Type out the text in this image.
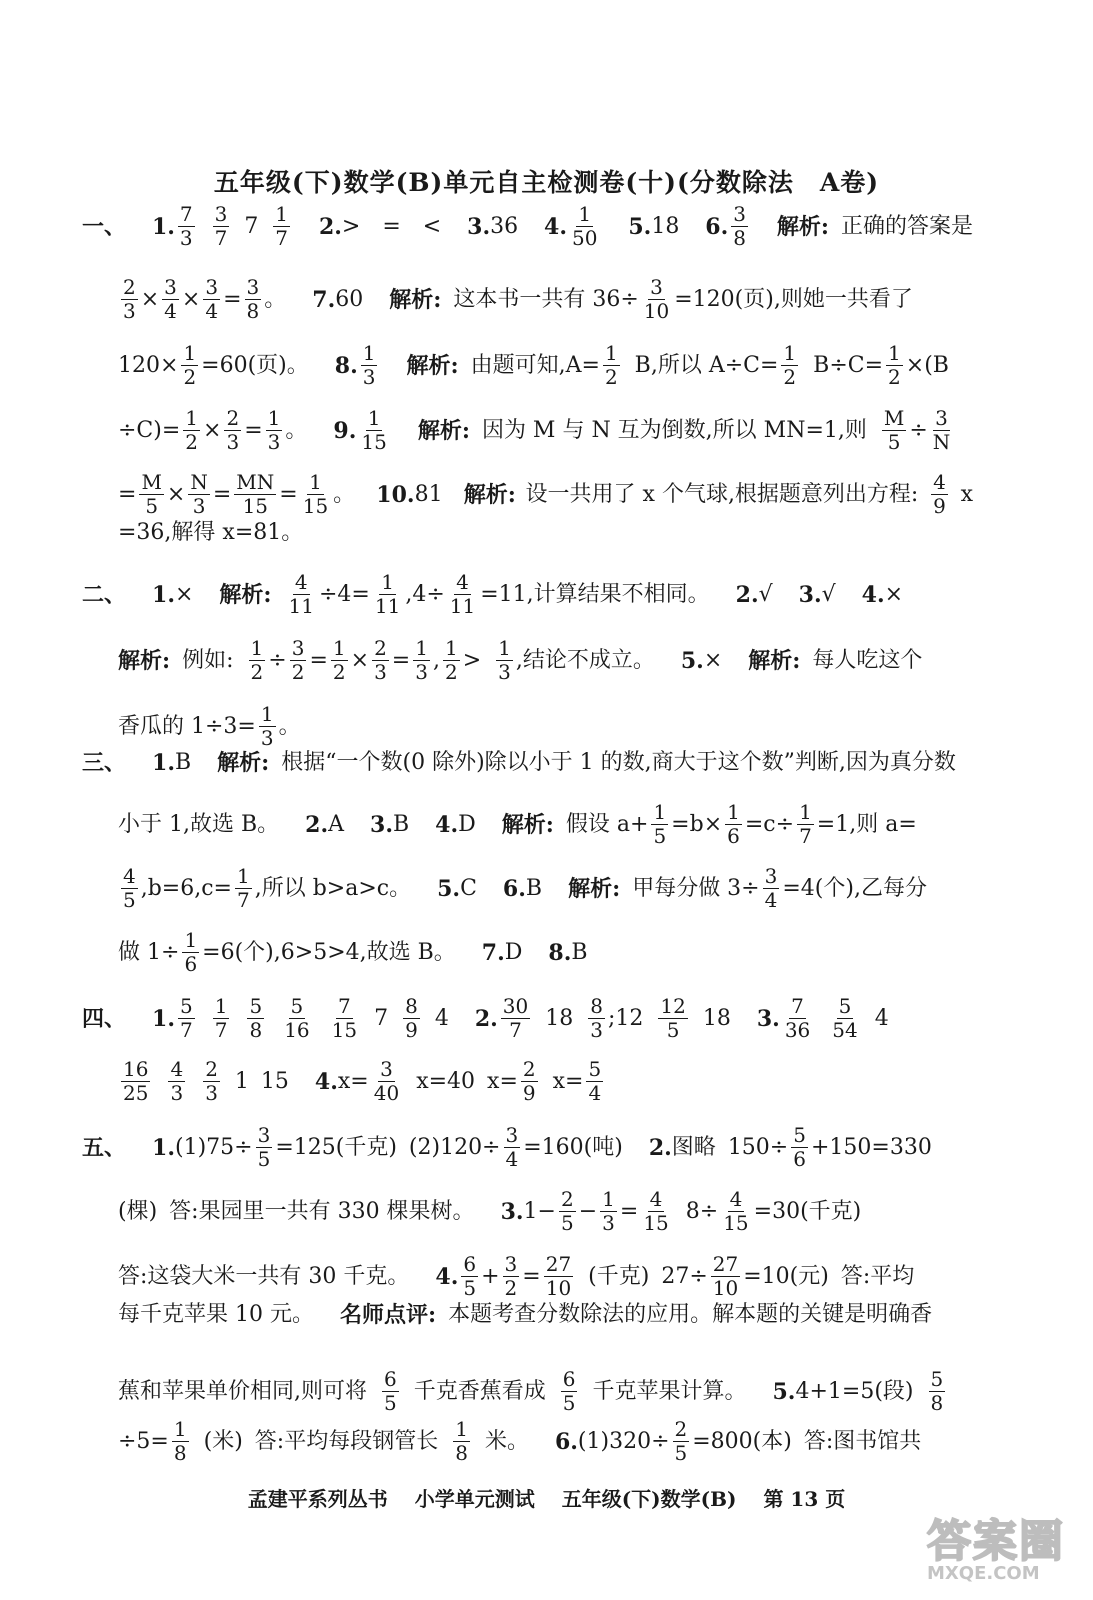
五年级(下)数学(B)单元自主检测卷(十)(分数除法　A卷)
一、 1. $\frac{7}{3} \frac{3}{7} 7 \frac{1}{7} 2$. >　=　< 3. 36 4. $\frac{1}{50} 5$. 18 6. $\frac{3}{8}$ 解析: 正确的答案是
$\frac{2}{3} \times \frac{3}{4} \times \frac{3}{4} = \frac{3}{8}$ 。 7. 60 解析: 这本书一共有 $36\div \frac{3}{10} =120$(页),则她一共看了
$120\times \frac{1}{2} =60$(页)。 8. $\frac{1}{3}$ 解析: 由题可知$,A= \frac{1}{2} B$,所以 $A\div C= \frac{1}{2} B\div C= \frac{1}{2} \times(B$
$\div C)= \frac{1}{2} \times \frac{2}{3} = \frac{1}{3}$ 。 9. $\frac{1}{15}$ 解析: 因为 M 与 N 互为倒数,所以 MN=1,则 $\frac{M}{5} \div \frac{3}{N}$
= $\frac{M}{5} \times \frac{N}{3} = \frac{MN}{15} = \frac{1}{15}$ 。 10. 81 解析: 设一共用了 x 个气球,根据题意列出方程: $\frac{4}{9}$ x
=36,解得 x=81。
二、 1. × 解析: $\frac{4}{11} \div 4= \frac{1}{11} ,4\div \frac{4}{11} =11$,计算结果不相同。 2. √ 3. √ 4. ×
解析: 例如: $\frac{1}{2} \div \frac{3}{2} = \frac{1}{2} \times \frac{2}{3} = \frac{1}{3}$ , $\frac{1}{2} > \frac{1}{3}$ ,结论不成立。 5. × 解析: 每人吃这个
香瓜的 $1\div 3= \frac{1}{3}$ 。
三、 1. B 解析: 根据“一个数(0 除外)除以小于 1 的数,商大于这个数”判断,因为真分数
小于 1,故选 B。 2. A 3. B 4. D 解析: 假设 $a+ \frac{1}{5} =b\times \frac{1}{6} =c\div \frac{1}{7} =1$,则 a=
$\frac{4}{5} ,b=6,c= \frac{1}{7}$ ,所以 b>a>c。 5. C 6. B 解析: 甲每分做 $3\div \frac{3}{4} =4$(个),乙每分
做 $1\div \frac{1}{6} =6$(个),6>5>4,故选 B。 7. D 8. B
四、 1. $\frac{5}{7} \frac{1}{7} \frac{5}{8} \frac{5}{16} \frac{7}{15} 7 \frac{8}{9} 4$ 2. $\frac{30}{7} 18 \frac{8}{3}$ ;12 $\frac{12}{5} 18$ 3. $\frac{7}{36} \frac{5}{54} 4$
$\frac{16}{25} \frac{4}{3} \frac{2}{3} 1$ 15 4. $x= \frac{3}{40} x=40$ $x= \frac{2}{9} x= \frac{5}{4}$
五、 1. $(1)75\div \frac{3}{5} =125$(千克) $(2)120\div \frac{3}{4} =160$(吨) 2. 图略 $150\div \frac{5}{6} +150=330$
(棵) 答:果园里一共有 330 棵果树。 3. $1- \frac{2}{5} - \frac{1}{3} = \frac{4}{15} 8\div \frac{4}{15} =30$(千克)
答:这袋大米一共有 30 千克。 4. $\frac{6}{5} + \frac{3}{2} = \frac{27}{10}$ (千克) $27\div \frac{27}{10} =10$(元) 答:平均
每千克苹果 10 元。 名师点评: 本题考查分数除法的应用。解本题的关键是明确香
蕉和苹果单价相同,则可将 $\frac{6}{5}$ 千克香蕉看成 $\frac{6}{5}$ 千克苹果计算。 5. 4+1=5(段) $\frac{5}{8}$
$\div 5= \frac{1}{8}$ (米) 答:平均每段钢管长 $\frac{1}{8}$ 米。 6. $(1)320\div \frac{2}{5} =800$(本) 答:图书馆共
孟建平系列丛书 小学单元测试 五年级(下)数学(B) 第 13 页
答案圈
MXQE.COM
